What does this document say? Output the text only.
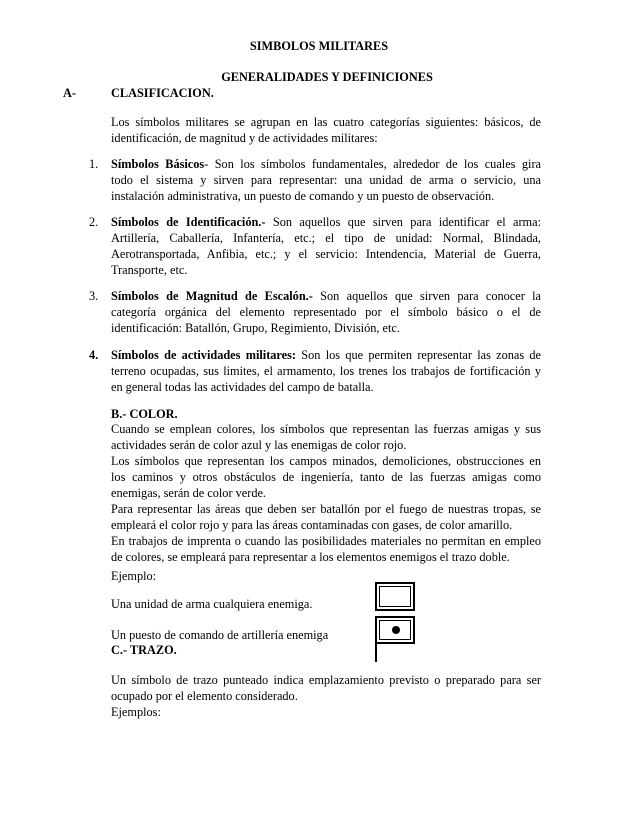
SIMBOLOS MILITARES
GENERALIDADES Y DEFINICIONES
A-	CLASIFICACION.
Los símbolos militares se agrupan en las cuatro categorías siguientes: básicos, de
identificación, de magnitud y de actividades militares:
1. Símbolos Básicos- Son los símbolos fundamentales, alrededor de los cuales gira
todo el sistema y sirven para representar: una unidad de arma o servicio, una
instalación administrativa, un puesto de comando y un puesto de observación.
2. Símbolos de Identificación.- Son aquellos que sirven para identificar el arma:
Artillería, Caballería, Infantería, etc.; el tipo de unidad: Normal, Blindada,
Aerotransportada, Anfibia, etc.; y el servicio: Intendencia, Material de Guerra,
Transporte, etc.
3. Símbolos de Magnitud de Escalón.- Son aquellos que sirven para conocer la
categoría orgánica del elemento representado por el símbolo básico o el de
identificación: Batallón, Grupo, Regimiento, División, etc.
4. Símbolos de actividades militares: Son los que permiten representar las zonas de
terreno ocupadas, sus limites, el armamento, los trenes los trabajos de fortificación y
en general todas las actividades del campo de batalla.
B.- COLOR.
Cuando se emplean colores, los símbolos que representan las fuerzas amigas y sus
actividades serán de color azul y las enemigas de color rojo.
Los símbolos que representan los campos minados, demoliciones, obstrucciones en
los caminos y otros obstáculos de ingeniería, tanto de las fuerzas amigas como
enemigas, serán de color verde.
Para representar las áreas que deben ser batallón por el fuego de nuestras tropas, se
empleará el color rojo y para las áreas contaminadas con gases, de color amarillo.
En trabajos de imprenta o cuando las posibilidades materiales no permitan en empleo
de colores, se empleará para representar a los elementos enemigos el trazo doble.
Ejemplo:
Una unidad de arma cualquiera enemiga.
Un puesto de comando de artillería enemiga
C.- TRAZO.
Un símbolo de trazo punteado indica emplazamiento previsto o preparado para ser
ocupado por el elemento considerado.
Ejemplos:
